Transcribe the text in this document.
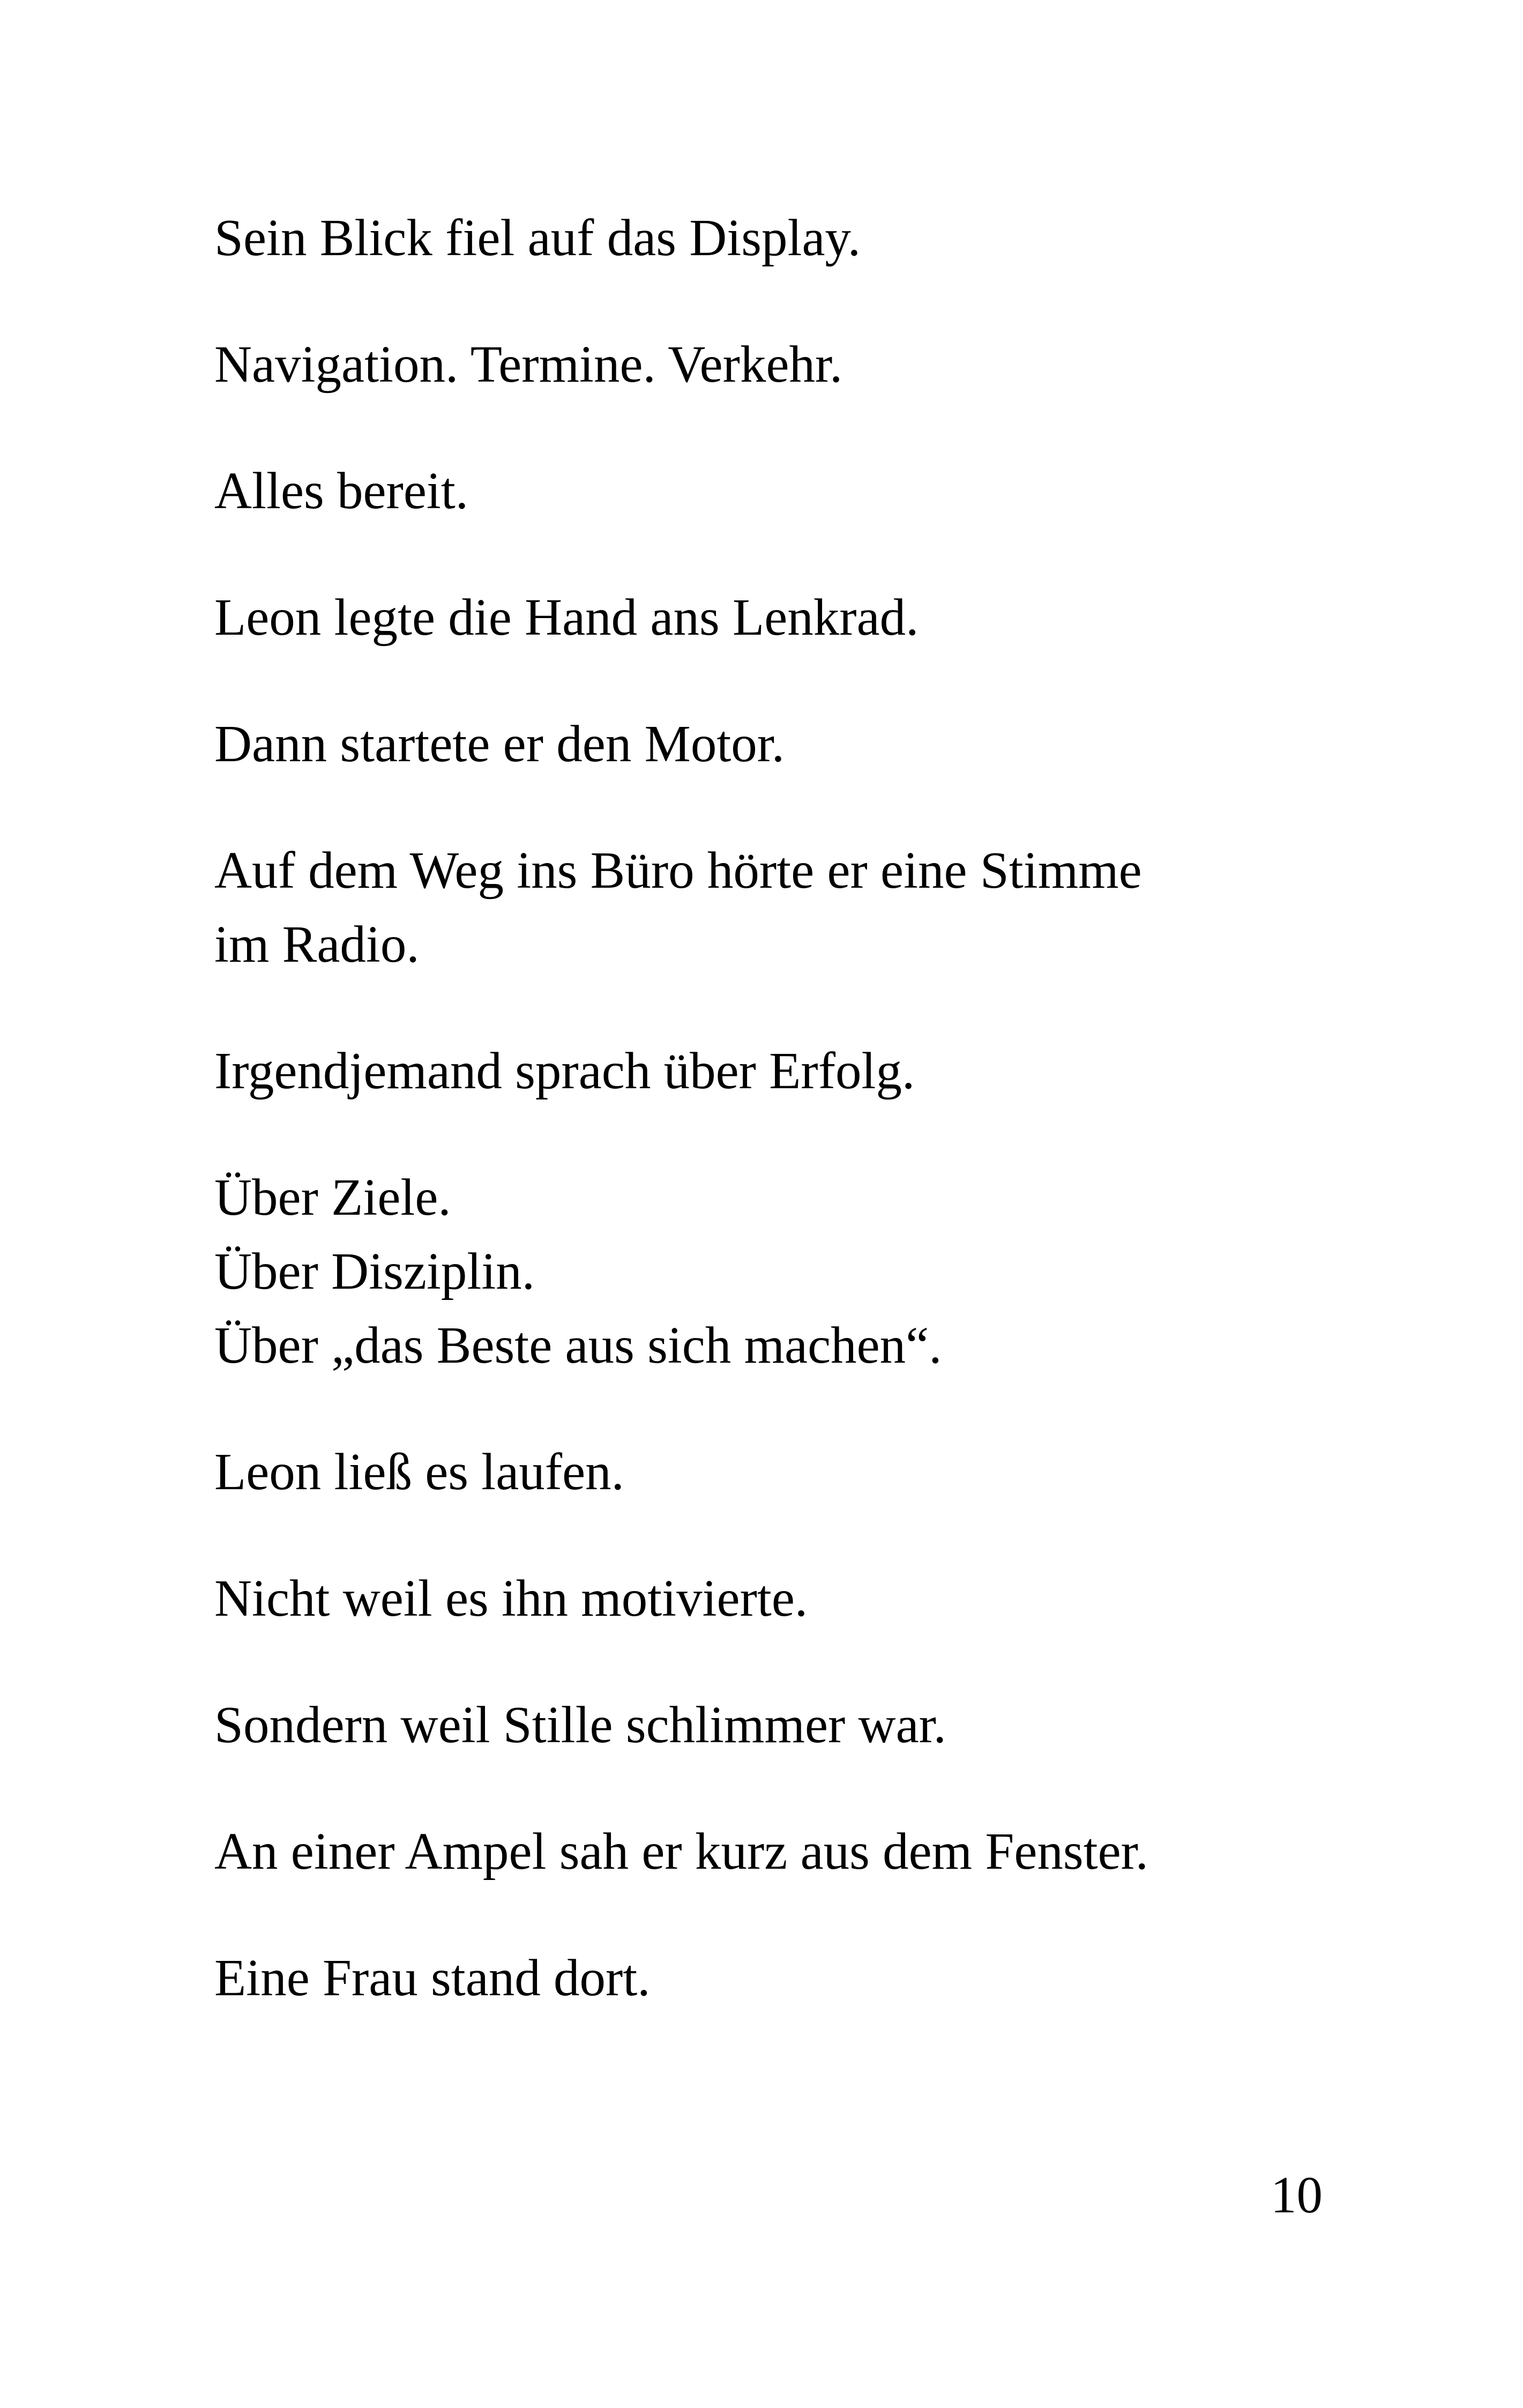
Sein Blick fiel auf das Display.

Navigation. Termine. Verkehr.

Alles bereit.

Leon legte die Hand ans Lenkrad.

Dann startete er den Motor.

Auf dem Weg ins Büro hörte er eine Stimme
im Radio.

Irgendjemand sprach über Erfolg.

Über Ziele.
Über Disziplin.
Über „das Beste aus sich machen“.

Leon ließ es laufen.

Nicht weil es ihn motivierte.

Sondern weil Stille schlimmer war.

An einer Ampel sah er kurz aus dem Fenster.

Eine Frau stand dort.

10
